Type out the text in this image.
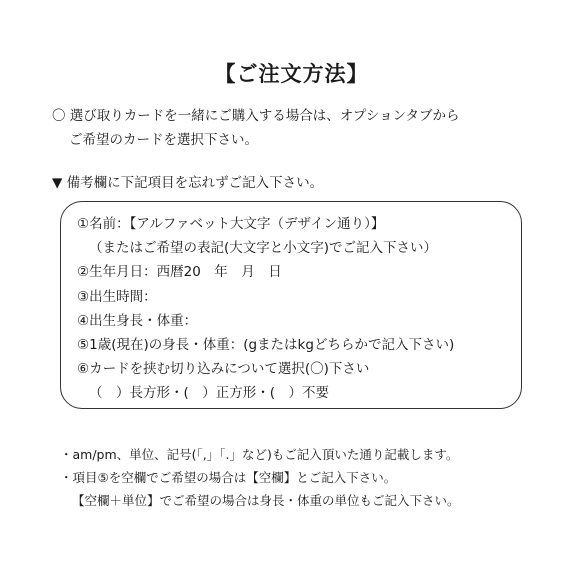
【ご注文方法】
〇 選び取りカードを一緒にご購入する場合は、オプションタブから
ご希望のカードを選択下さい。
▼ 備考欄に下記項目を忘れずご記入下さい。
①名前：【アルファベット大文字（デザイン通り）】
（またはご希望の表記(大文字と小文字)でご記入下さい）
②生年月日：西暦20　年　月　日
③出生時間：
④出生身長・体重：
⑤1歳(現在)の身長・体重：(gまたはkgどちらかで記入下さい)
⑥カードを挟む切り込みについて選択(〇)下さい
（　）長方形・(　）正方形・(　）不要
・am/pm、単位、記号(「,」「.」など)もご記入頂いた通り記載します。
・項目⑤を空欄でご希望の場合は【空欄】とご記入下さい。
【空欄＋単位】でご希望の場合は身長・体重の単位もご記入下さい。
